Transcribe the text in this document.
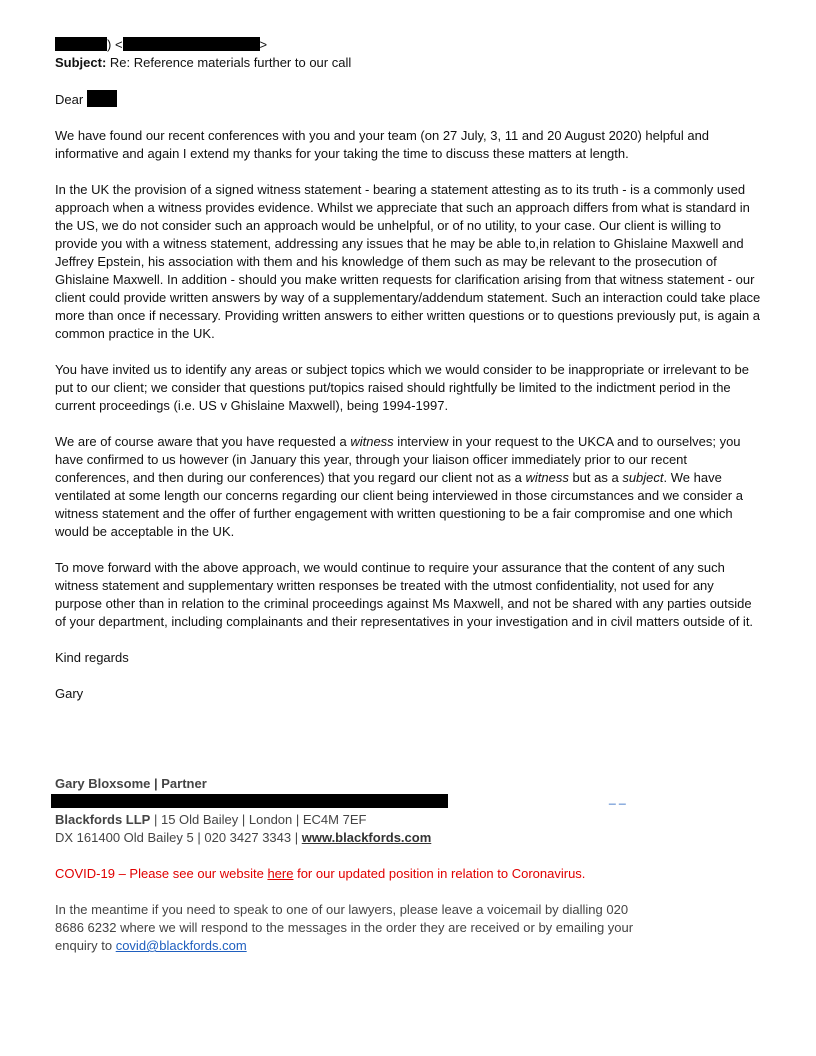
) <	>
Subject: Re: Reference materials further to our call

Dear

We have found our recent conferences with you and your team (on 27 July, 3, 11 and 20 August 2020) helpful and informative and again I extend my thanks for your taking the time to discuss these matters at length.

In the UK the provision of a signed witness statement - bearing a statement attesting as to its truth - is a commonly used approach when a witness provides evidence. Whilst we appreciate that such an approach differs from what is standard in the US, we do not consider such an approach would be unhelpful, or of no utility, to your case. Our client is willing to provide you with a witness statement, addressing any issues that he may be able to,in relation to Ghislaine Maxwell and Jeffrey Epstein, his association with them and his knowledge of them such as may be relevant to the prosecution of Ghislaine Maxwell. In addition - should you make written requests for clarification arising from that witness statement - our client could provide written answers by way of a supplementary/addendum statement. Such an interaction could take place more than once if necessary. Providing written answers to either written questions or to questions previously put, is again a common practice in the UK.

You have invited us to identify any areas or subject topics which we would consider to be inappropriate or irrelevant to be put to our client; we consider that questions put/topics raised should rightfully be limited to the indictment period in the current proceedings (i.e. US v Ghislaine Maxwell), being 1994-1997.

We are of course aware that you have requested a witness interview in your request to the UKCA and to ourselves; you have confirmed to us however (in January this year, through your liaison officer immediately prior to our recent conferences, and then during our conferences) that you regard our client not as a witness but as a subject. We have ventilated at some length our concerns regarding our client being interviewed in those circumstances and we consider a witness statement and the offer of further engagement with written questioning to be a fair compromise and one which would be acceptable in the UK.

To move forward with the above approach, we would continue to require your assurance that the content of any such witness statement and supplementary written responses be treated with the utmost confidentiality, not used for any purpose other than in relation to the criminal proceedings against Ms Maxwell, and not be shared with any parties outside of your department, including complainants and their representatives in your investigation and in civil matters outside of it.

Kind regards

Gary

Gary Bloxsome | Partner
Blackfords LLP | 15 Old Bailey | London | EC4M 7EF
DX 161400 Old Bailey 5 | 020 3427 3343 | www.blackfords.com

COVID-19 – Please see our website here for our updated position in relation to Coronavirus.

In the meantime if you need to speak to one of our lawyers, please leave a voicemail by dialling 020 8686 6232 where we will respond to the messages in the order they are received or by emailing your enquiry to covid@blackfords.com

_ _
